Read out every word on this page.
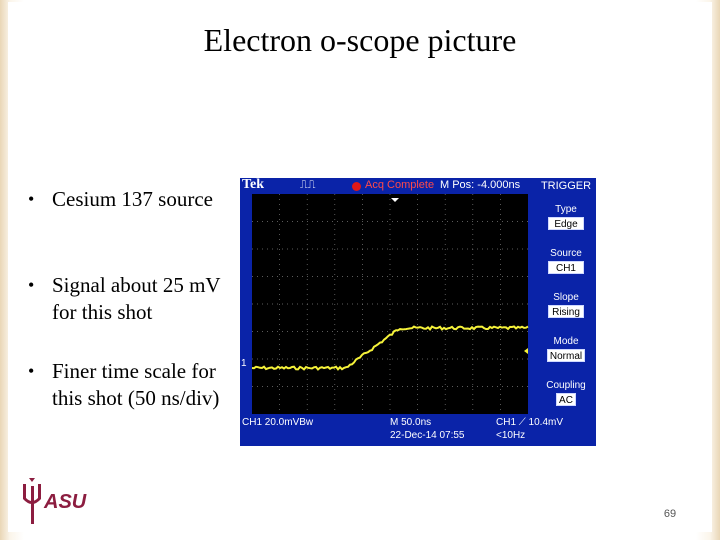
Electron o-scope picture
• Cesium 137 source
• Signal about 25 mV for this shot
• Finer time scale for this shot (50 ns/div)
Tek	⎍⎍	Acq Complete M Pos: -4.000ns
1
TRIGGER
Type
Edge
Source
CH1
Slope
Rising
Mode
Normal
Coupling
AC
CH1 20.0mVBw	M 50.0ns
22-Dec-14 07:55
CH1 ⟋ 10.4mV
<10Hz
ASU
69
